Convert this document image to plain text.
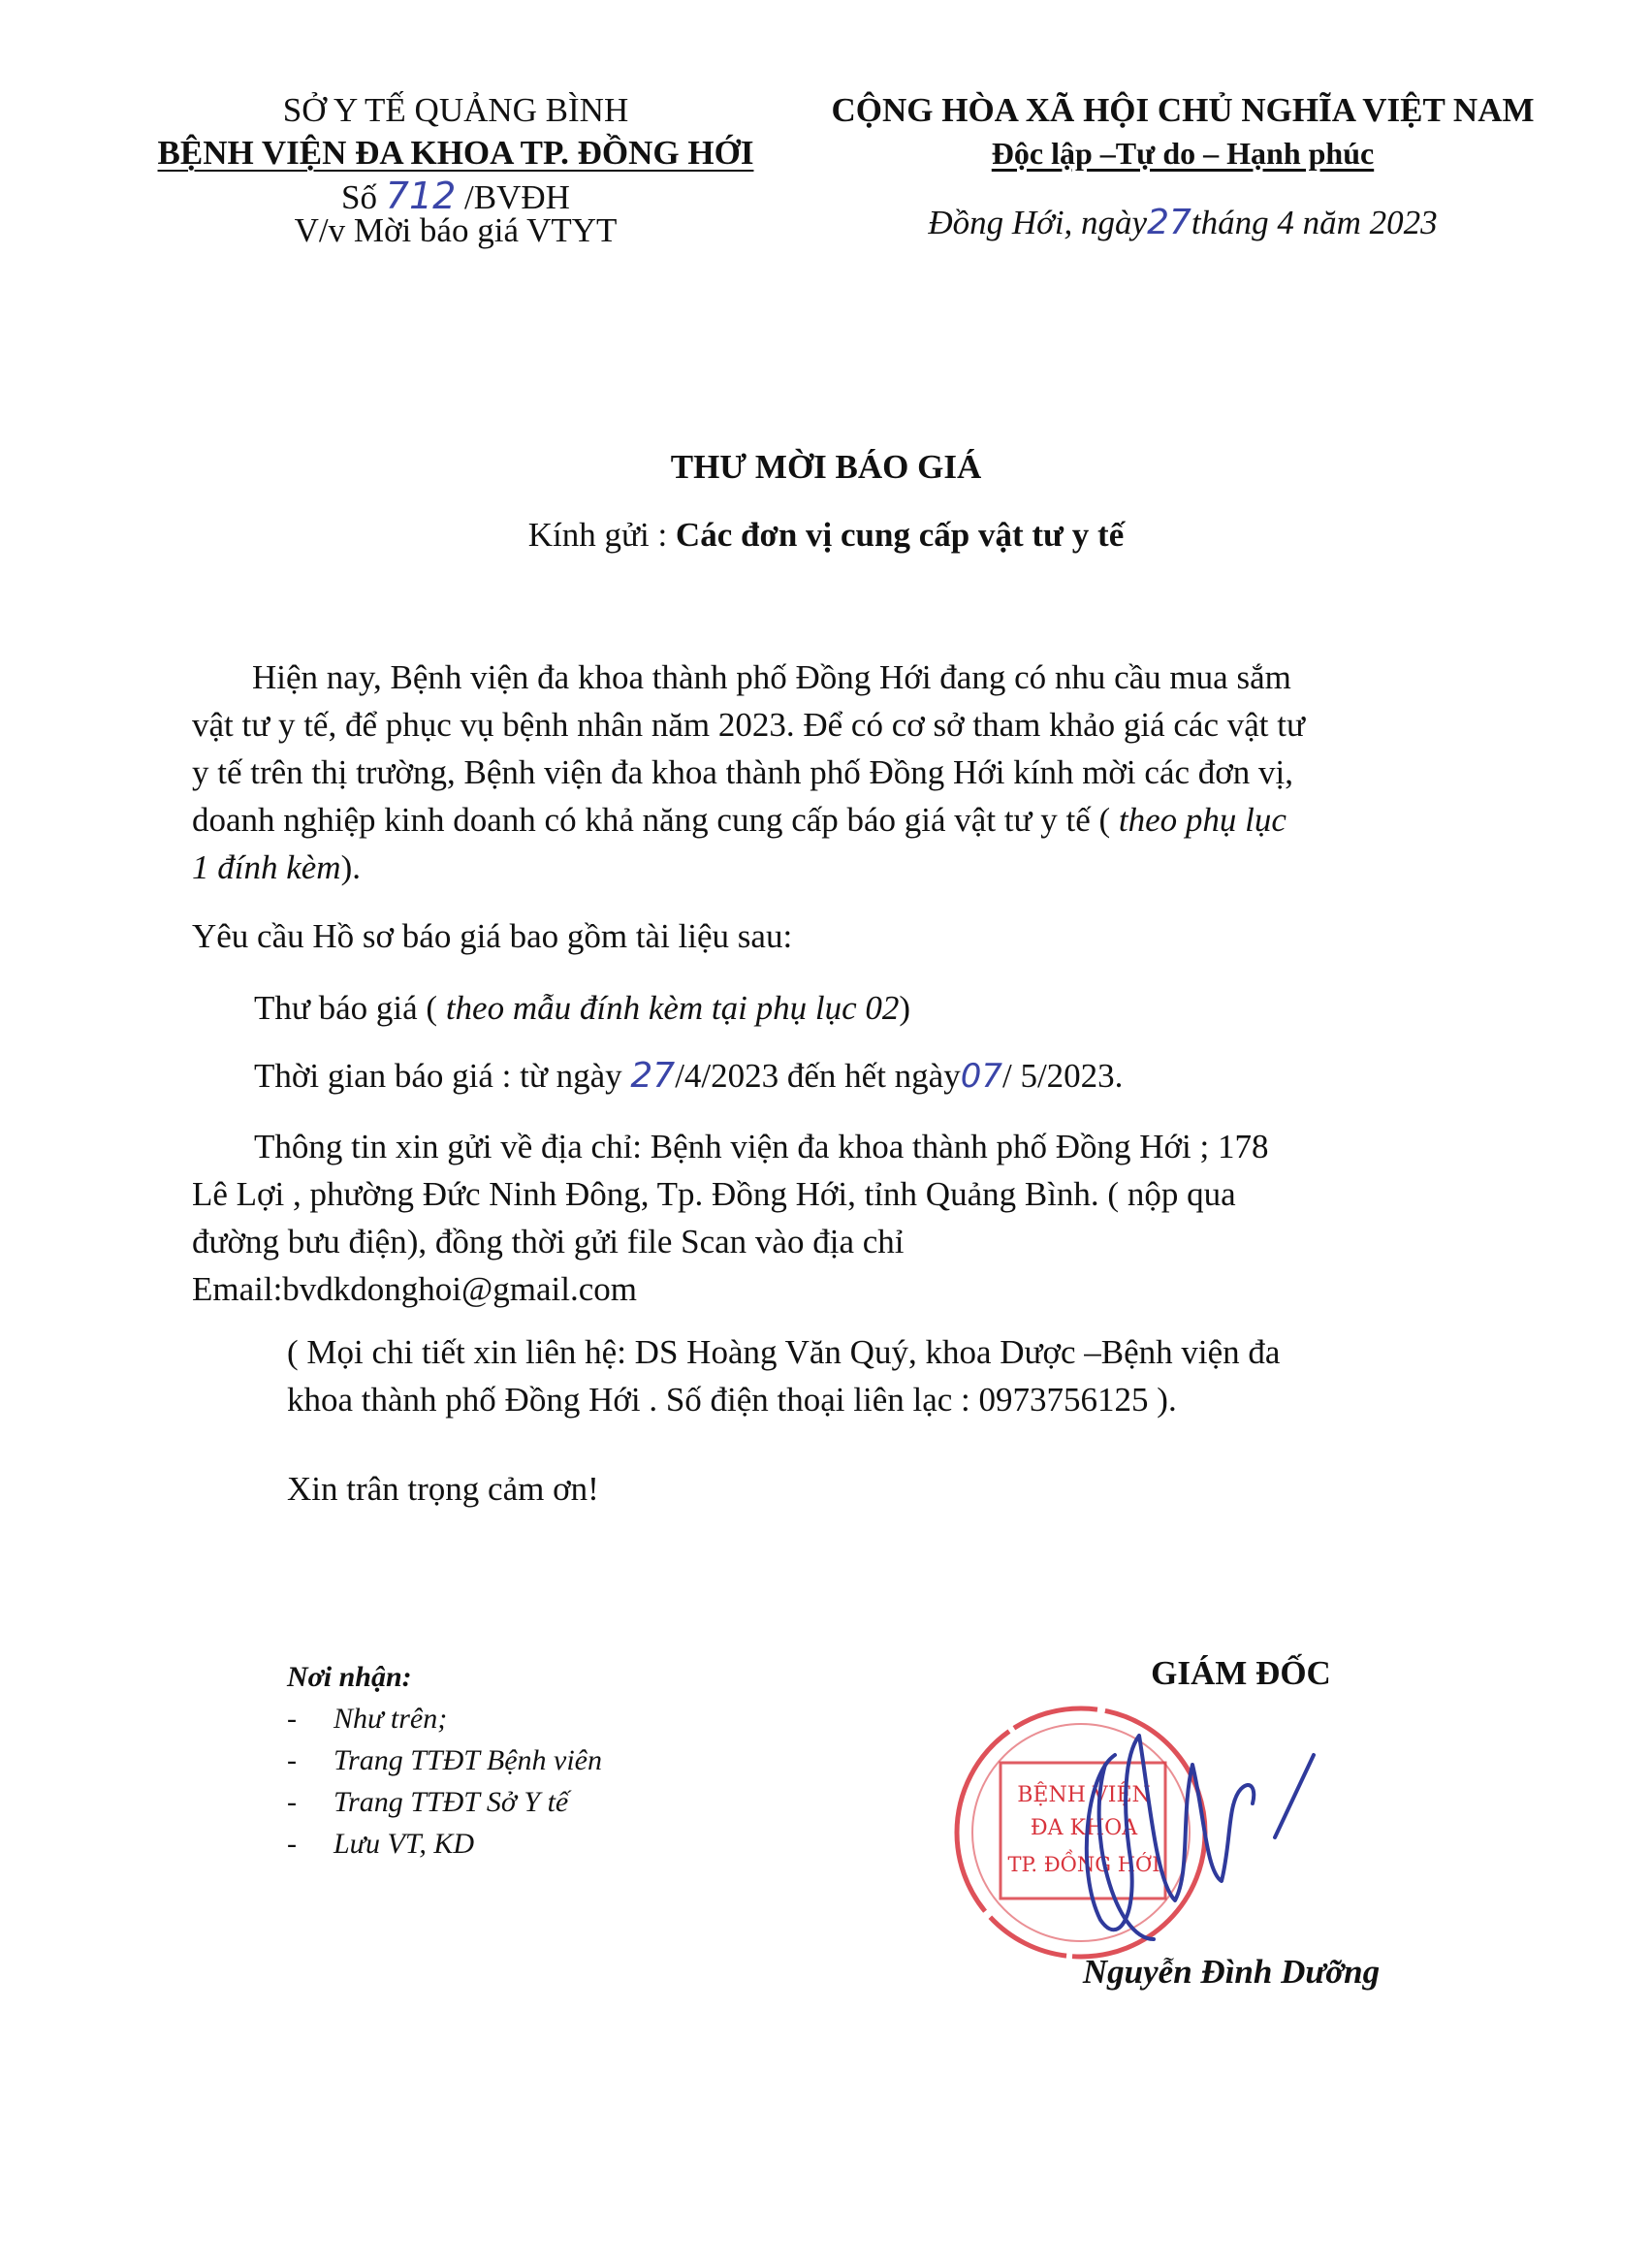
SỞ Y TẾ QUẢNG BÌNH
BỆNH VIỆN ĐA KHOA TP. ĐỒNG HỚI
Số 712 /BVĐH
V/v Mời báo giá VTYT
CỘNG HÒA XÃ HỘI CHỦ NGHĨA VIỆT NAM
Độc lập –Tự do – Hạnh phúc
Đồng Hới, ngày27tháng 4 năm 2023
THƯ MỜI BÁO GIÁ
Kính gửi : Các đơn vị cung cấp vật tư y tế

Hiện nay, Bệnh viện đa khoa thành phố Đồng Hới đang có nhu cầu mua sắm

vật tư y tế, để phục vụ bệnh nhân năm 2023. Để có cơ sở tham khảo giá các vật tư

y tế trên thị trường, Bệnh viện đa khoa thành phố Đồng Hới kính mời các đơn vị,

doanh nghiệp kinh doanh có khả năng cung cấp báo giá vật tư y tế ( theo phụ lục

1 đính kèm).

Yêu cầu Hồ sơ báo giá bao gồm tài liệu sau:
Thư báo giá ( theo mẫu đính kèm tại phụ lục 02)
Thời gian báo giá : từ ngày 27/4/2023 đến hết ngày07/ 5/2023.

Thông tin xin gửi về địa chỉ: Bệnh viện đa khoa thành phố Đồng Hới ; 178

Lê Lợi , phường Đức Ninh Đông, Tp. Đồng Hới, tỉnh Quảng Bình. ( nộp qua

đường bưu điện), đồng thời gửi file Scan vào địa chỉ

Email:bvdkdonghoi@gmail.com

( Mọi chi tiết xin liên hệ: DS Hoàng Văn Quý, khoa Dược –Bệnh viện đa

khoa thành phố Đồng Hới . Số điện thoại liên lạc : 0973756125 ).

Xin trân trọng cảm ơn!
Nơi nhận:
-	Như trên;
-	Trang TTĐT Bệnh viên
-	Trang TTĐT Sở Y tế
-	Lưu VT, KD
GIÁM ĐỐC
BỆNH VIỆN
ĐA KHOA
TP. ĐỒNG HỚI
Nguyễn Đình Dưỡng
